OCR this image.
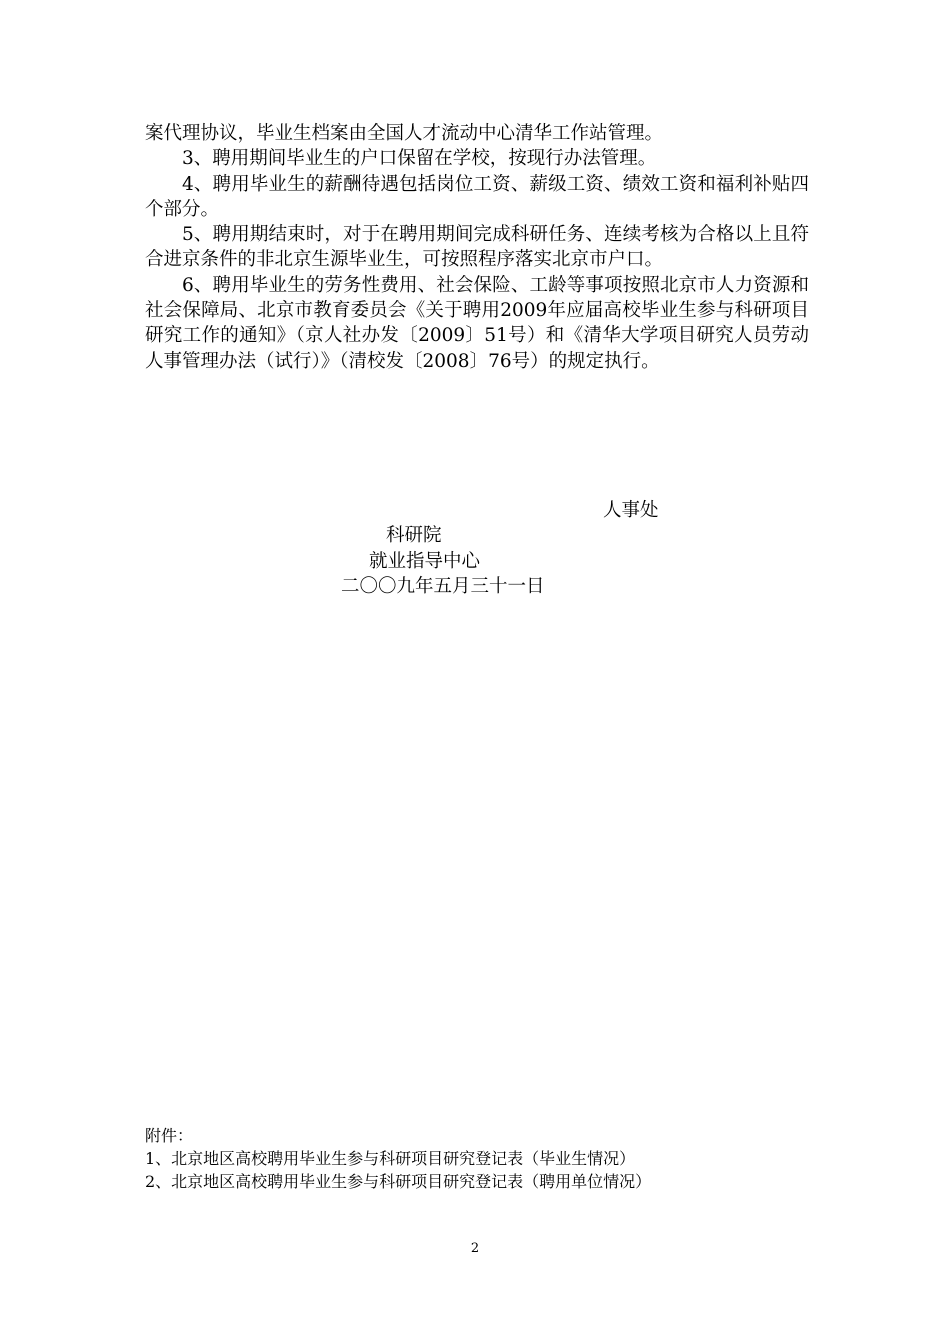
案代理协议，毕业生档案由全国人才流动中心清华工作站管理。

3、聘用期间毕业生的户口保留在学校，按现行办法管理。

4、聘用毕业生的薪酬待遇包括岗位工资、薪级工资、绩效工资和福利补贴四个部分。

5、聘用期结束时，对于在聘用期间完成科研任务、连续考核为合格以上且符合进京条件的非北京生源毕业生，可按照程序落实北京市户口。

6、聘用毕业生的劳务性费用、社会保险、工龄等事项按照北京市人力资源和社会保障局、北京市教育委员会《关于聘用2009年应届高校毕业生参与科研项目研究工作的通知》（京人社办发〔2009〕51号）和《清华大学项目研究人员劳动人事管理办法（试行）》（清校发〔2008〕76号）的规定执行。

人事处
科研院
就业指导中心
二〇〇九年五月三十一日

附件：

1、北京地区高校聘用毕业生参与科研项目研究登记表（毕业生情况）

2、北京地区高校聘用毕业生参与科研项目研究登记表（聘用单位情况）

2
